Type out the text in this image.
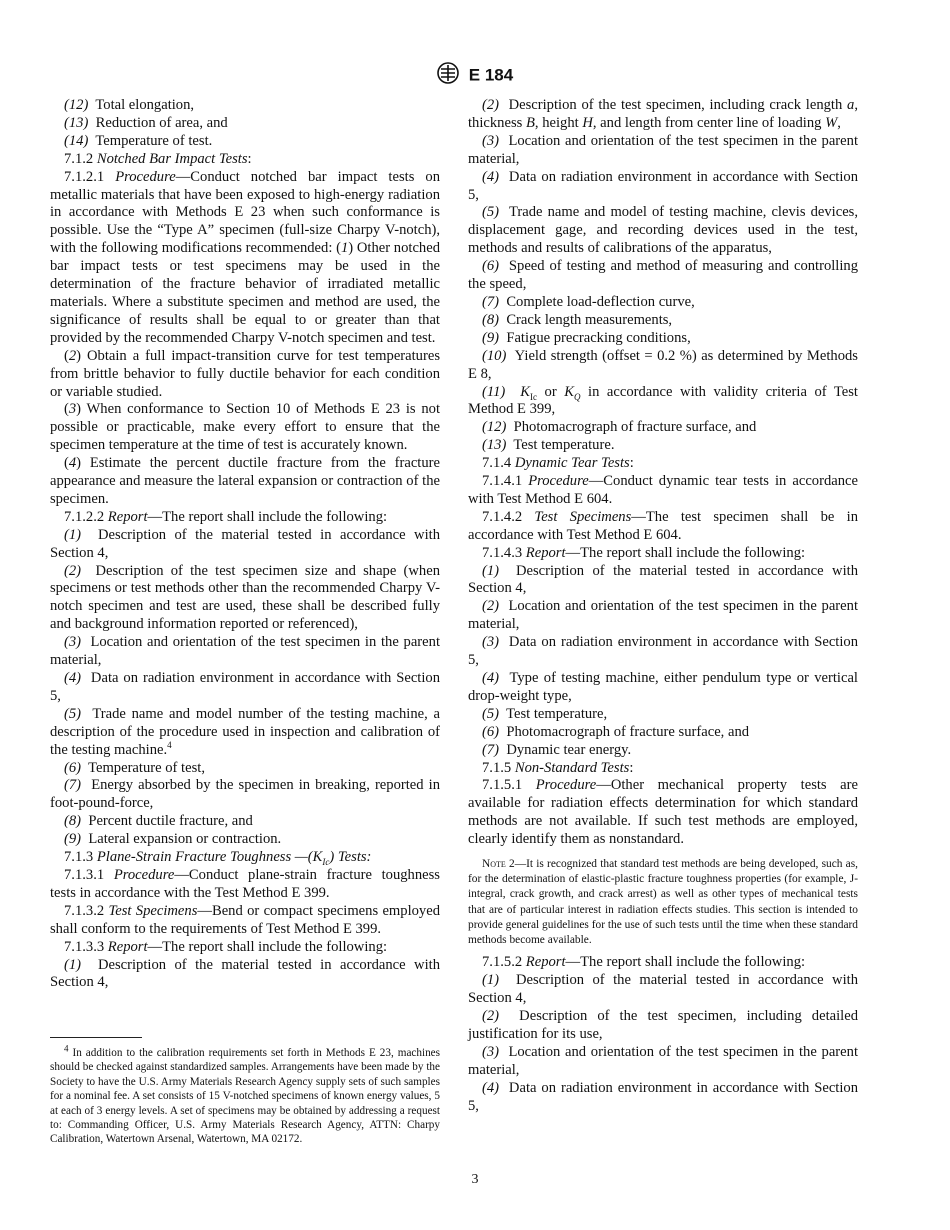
E 184

(12) Total elongation,

(13) Reduction of area, and

(14) Temperature of test.

7.1.2 Notched Bar Impact Tests:

7.1.2.1 Procedure—Conduct notched bar impact tests on metallic materials that have been exposed to high-energy radiation in accordance with Methods E 23 when such conformance is possible. Use the “Type A” specimen (full-size Charpy V-notch), with the following modifications recommended: (1) Other notched bar impact tests or test specimens may be used in the determination of the fracture behavior of irradiated metallic materials. Where a substitute specimen and method are used, the significance of results shall be equal to or greater than that provided by the recommended Charpy V-notch specimen and test.

(2) Obtain a full impact-transition curve for test temperatures from brittle behavior to fully ductile behavior for each condition or variable studied.

(3) When conformance to Section 10 of Methods E 23 is not possible or practicable, make every effort to ensure that the specimen temperature at the time of test is accurately known.

(4) Estimate the percent ductile fracture from the fracture appearance and measure the lateral expansion or contraction of the specimen.

7.1.2.2 Report—The report shall include the following:

(1) Description of the material tested in accordance with Section 4,

(2) Description of the test specimen size and shape (when specimens or test methods other than the recommended Charpy V-notch specimen and test are used, these shall be described fully and background information reported or referenced),

(3) Location and orientation of the test specimen in the parent material,

(4) Data on radiation environment in accordance with Section 5,

(5) Trade name and model number of the testing machine, a description of the procedure used in inspection and calibration of the testing machine.$^4$

(6) Temperature of test,

(7) Energy absorbed by the specimen in breaking, reported in foot-pound-force,

(8) Percent ductile fracture, and

(9) Lateral expansion or contraction.

7.1.3 Plane-Strain Fracture Toughness $—(K_{Ic})$ Tests:

7.1.3.1 Procedure—Conduct plane-strain fracture toughness tests in accordance with the Test Method E 399.

7.1.3.2 Test Specimens—Bend or compact specimens employed shall conform to the requirements of Test Method E 399.

7.1.3.3 Report—The report shall include the following:

(1) Description of the material tested in accordance with Section 4,

$^4$ In addition to the calibration requirements set forth in Methods E 23, machines should be checked against standardized samples. Arrangements have been made by the Society to have the U.S. Army Materials Research Agency supply sets of such samples for a nominal fee. A set consists of 15 V-notched specimens of known energy values, 5 at each of 3 energy levels. A set of specimens may be obtained by addressing a request to: Commanding Officer, U.S. Army Materials Research Agency, ATTN: Charpy Calibration, Watertown Arsenal, Watertown, MA 02172.

(2) Description of the test specimen, including crack length a, thickness B, height H, and length from center line of loading W,

(3) Location and orientation of the test specimen in the parent material,

(4) Data on radiation environment in accordance with Section 5,

(5) Trade name and model of testing machine, clevis devices, displacement gage, and recording devices used in the test, methods and results of calibrations of the apparatus,

(6) Speed of testing and method of measuring and controlling the speed,

(7) Complete load-deflection curve,

(8) Crack length measurements,

(9) Fatigue precracking conditions,

(10) Yield strength (offset = 0.2 %) as determined by Methods E 8,

(11) $K_{Ic}$ or $K_Q$ in accordance with validity criteria of Test Method E 399,

(12) Photomacrograph of fracture surface, and

(13) Test temperature.

7.1.4 Dynamic Tear Tests:

7.1.4.1 Procedure—Conduct dynamic tear tests in accordance with Test Method E 604.

7.1.4.2 Test Specimens—The test specimen shall be in accordance with Test Method E 604.

7.1.4.3 Report—The report shall include the following:

(1) Description of the material tested in accordance with Section 4,

(2) Location and orientation of the test specimen in the parent material,

(3) Data on radiation environment in accordance with Section 5,

(4) Type of testing machine, either pendulum type or vertical drop-weight type,

(5) Test temperature,

(6) Photomacrograph of fracture surface, and

(7) Dynamic tear energy.

7.1.5 Non-Standard Tests:

7.1.5.1 Procedure—Other mechanical property tests are available for radiation effects determination for which standard methods are not available. If such test methods are employed, clearly identify them as nonstandard.

Note 2—It is recognized that standard test methods are being developed, such as, for the determination of elastic-plastic fracture toughness properties (for example, J-integral, crack growth, and crack arrest) as well as other types of mechanical tests that are of particular interest in radiation effects studies. This section is intended to provide general guidelines for the use of such tests until the time when these standard methods become available.

7.1.5.2 Report—The report shall include the following:

(1) Description of the material tested in accordance with Section 4,

(2) Description of the test specimen, including detailed justification for its use,

(3) Location and orientation of the test specimen in the parent material,

(4) Data on radiation environment in accordance with Section 5,

3
